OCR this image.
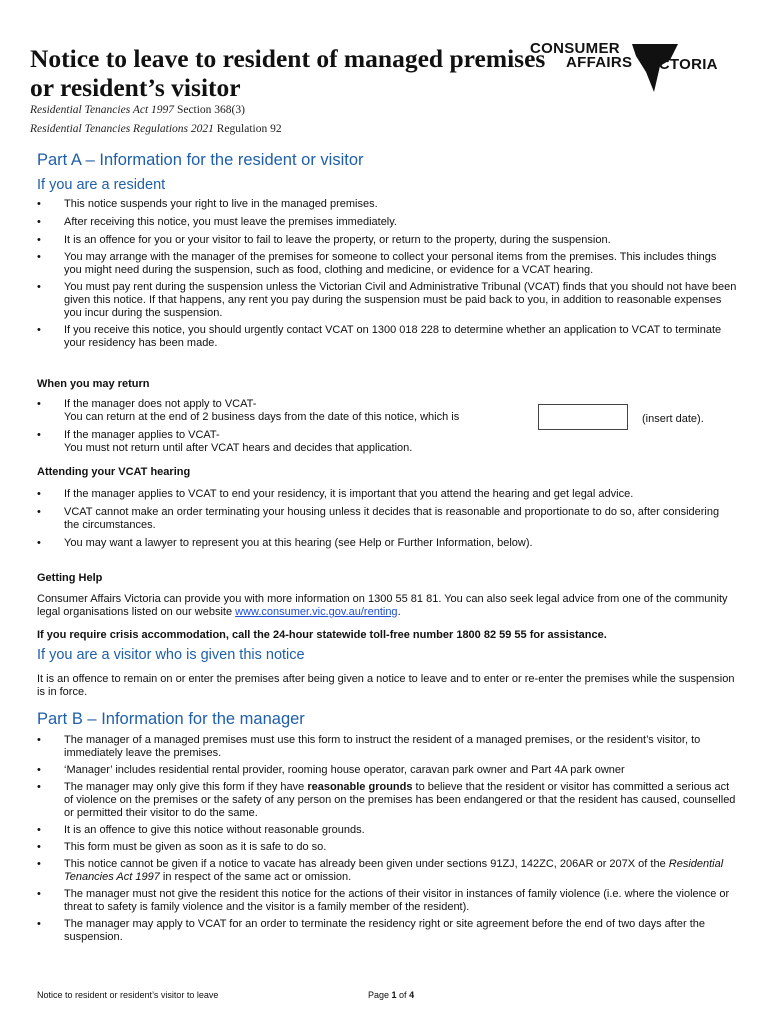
Notice to leave to resident of managed premises
or resident’s visitor
CONSUMER
AFFAIRS VICTORIA
Residential Tenancies Act 1997 Section 368(3)
Residential Tenancies Regulations 2021 Regulation 92
Part A – Information for the resident or visitor
If you are a resident
• This notice suspends your right to live in the managed premises.
• After receiving this notice, you must leave the premises immediately.
• It is an offence for you or your visitor to fail to leave the property, or return to the property, during the suspension.
• You may arrange with the manager of the premises for someone to collect your personal items from the premises. This includes things you might need during the suspension, such as food, clothing and medicine, or evidence for a VCAT hearing.
• You must pay rent during the suspension unless the Victorian Civil and Administrative Tribunal (VCAT) finds that you should not have been given this notice. If that happens, any rent you pay during the suspension must be paid back to you, in addition to reasonable expenses you incur during the suspension.
• If you receive this notice, you should urgently contact VCAT on 1300 018 228 to determine whether an application to VCAT to terminate your residency has been made.
When you may return
• If the manager does not apply to VCAT-
You can return at the end of 2 business days from the date of this notice, which is
• If the manager applies to VCAT-
You must not return until after VCAT hears and decides that application.
(insert date).
Attending your VCAT hearing
• If the manager applies to VCAT to end your residency, it is important that you attend the hearing and get legal advice.
• VCAT cannot make an order terminating your housing unless it decides that is reasonable and proportionate to do so, after considering the circumstances.
• You may want a lawyer to represent you at this hearing (see Help or Further Information, below).
Getting Help
Consumer Affairs Victoria can provide you with more information on 1300 55 81 81. You can also seek legal advice from one of the community legal organisations listed on our website www.consumer.vic.gov.au/renting.
If you require crisis accommodation, call the 24-hour statewide toll-free number 1800 82 59 55 for assistance.
If you are a visitor who is given this notice
It is an offence to remain on or enter the premises after being given a notice to leave and to enter or re-enter the premises while the suspension is in force.
Part B – Information for the manager
• The manager of a managed premises must use this form to instruct the resident of a managed premises, or the resident’s visitor, to immediately leave the premises.
• ‘Manager’ includes residential rental provider, rooming house operator, caravan park owner and Part 4A park owner
• The manager may only give this form if they have reasonable grounds to believe that the resident or visitor has committed a serious act of violence on the premises or the safety of any person on the premises has been endangered or that the resident has caused, counselled or permitted their visitor to do the same.
• It is an offence to give this notice without reasonable grounds.
• This form must be given as soon as it is safe to do so.
• This notice cannot be given if a notice to vacate has already been given under sections 91ZJ, 142ZC, 206AR or 207X of the Residential Tenancies Act 1997 in respect of the same act or omission.
• The manager must not give the resident this notice for the actions of their visitor in instances of family violence (i.e. where the violence or threat to safety is family violence and the visitor is a family member of the resident).
• The manager may apply to VCAT for an order to terminate the residency right or site agreement before the end of two days after the suspension.
Notice to resident or resident’s visitor to leave	Page 1 of 4
